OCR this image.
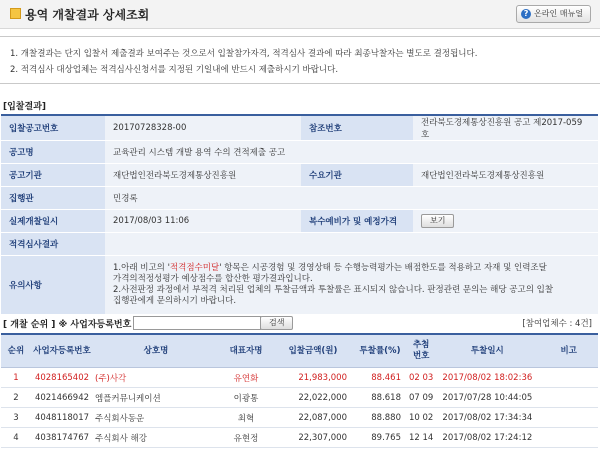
용역 개찰결과 상세조회	? 온라인 매뉴얼
1. 개찰결과는 단지 입찰서 제출결과 보여주는 것으로서 입찰참가자격, 적격심사 결과에 따라 최종낙찰자는 별도로 결정됩니다.
2. 적격심사 대상업체는 적격심사신청서를 지정된 기일내에 반드시 제출하시기 바랍니다.
[입찰결과]
입찰공고번호	20170728328-00	참조번호	전라북도경제통상진흥원 공고 제2017-059호
공고명	교육관리 시스템 개발 용역 수의 견적제출 공고		
공고기관	재단법인전라북도경제통상진흥원	수요기관	재단법인전라북도경제통상진흥원
집행관	민경록		
실제개찰일시	2017/08/03 11:06	복수예비가 및 예정가격	보기
적격심사결과			
유의사항	1.아래 비고의 '적격점수미달' 항목은 시공경험 및 경영상태 등 수행능력평가는 배점한도를 적용하고 자재 및 인력조달
가격의적정성평가 예상점수를 합산한 평가결과입니다.
2.사전판정 과정에서 부적격 처리된 업체의 투찰금액과 투찰률은 표시되지 않습니다. 판정관련 문의는 해당 공고의 입찰
집행관에게 문의하시기 바랍니다.		
[ 개찰 순위 ] ※ 사업자등록번호	검색	[참여업체수 : 4건]
순위	사업자등록번호	상호명	대표자명	입찰금액(원)	투찰률(%)	추첨번호	투찰일시	비고
1	4028165402	(주)사각	유연화	21,983,000	88.461	02 03	2017/08/02 18:02:36	
2	4021466942	엠플커뮤니케이션	이광통	22,022,000	88.618	07 09	2017/07/28 10:44:05	
3	4048118017	주식회사동운	최혁	22,087,000	88.880	10 02	2017/08/02 17:34:34	
4	4038174767	주식회사 해강	유현정	22,307,000	89.765	12 14	2017/08/02 17:24:12	
